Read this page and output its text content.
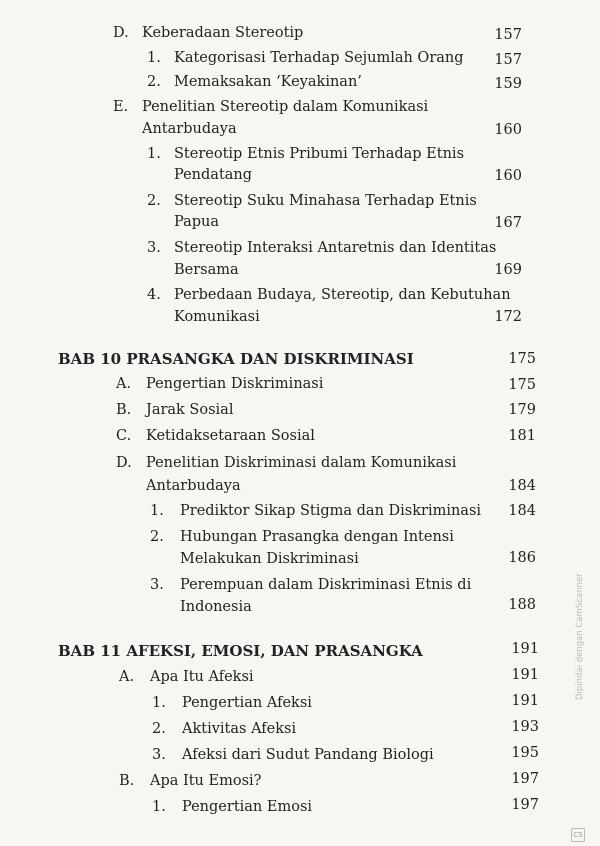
D. Keberadaan Stereotip	157
1. Kategorisasi Terhadap Sejumlah Orang	157
2. Memaksakan ‘Keyakinan’	159
E. Penelitian Stereotip dalam Komunikasi
Antarbudaya	160
1. Stereotip Etnis Pribumi Terhadap Etnis
Pendatang	160
2. Stereotip Suku Minahasa Terhadap Etnis
Papua	167
3. Stereotip Interaksi Antaretnis dan Identitas
Bersama	169
4. Perbedaan Budaya, Stereotip, dan Kebutuhan
Komunikasi	172
BAB 10 PRASANGKA DAN DISKRIMINASI	175
A. Pengertian Diskriminasi	175
B. Jarak Sosial	179
C. Ketidaksetaraan Sosial	181
D. Penelitian Diskriminasi dalam Komunikasi
Antarbudaya	184
1. Prediktor Sikap Stigma dan Diskriminasi	184
2. Hubungan Prasangka dengan Intensi
Melakukan Diskriminasi	186
3. Perempuan dalam Diskriminasi Etnis di
Indonesia	188
BAB 11 AFEKSI, EMOSI, DAN PRASANGKA	191
A. Apa Itu Afeksi	191
1. Pengertian Afeksi	191
2. Aktivitas Afeksi	193
3. Afeksi dari Sudut Pandang Biologi	195
B. Apa Itu Emosi?	197
1. Pengertian Emosi	197
Dipindai dengan CamScanner
CS
